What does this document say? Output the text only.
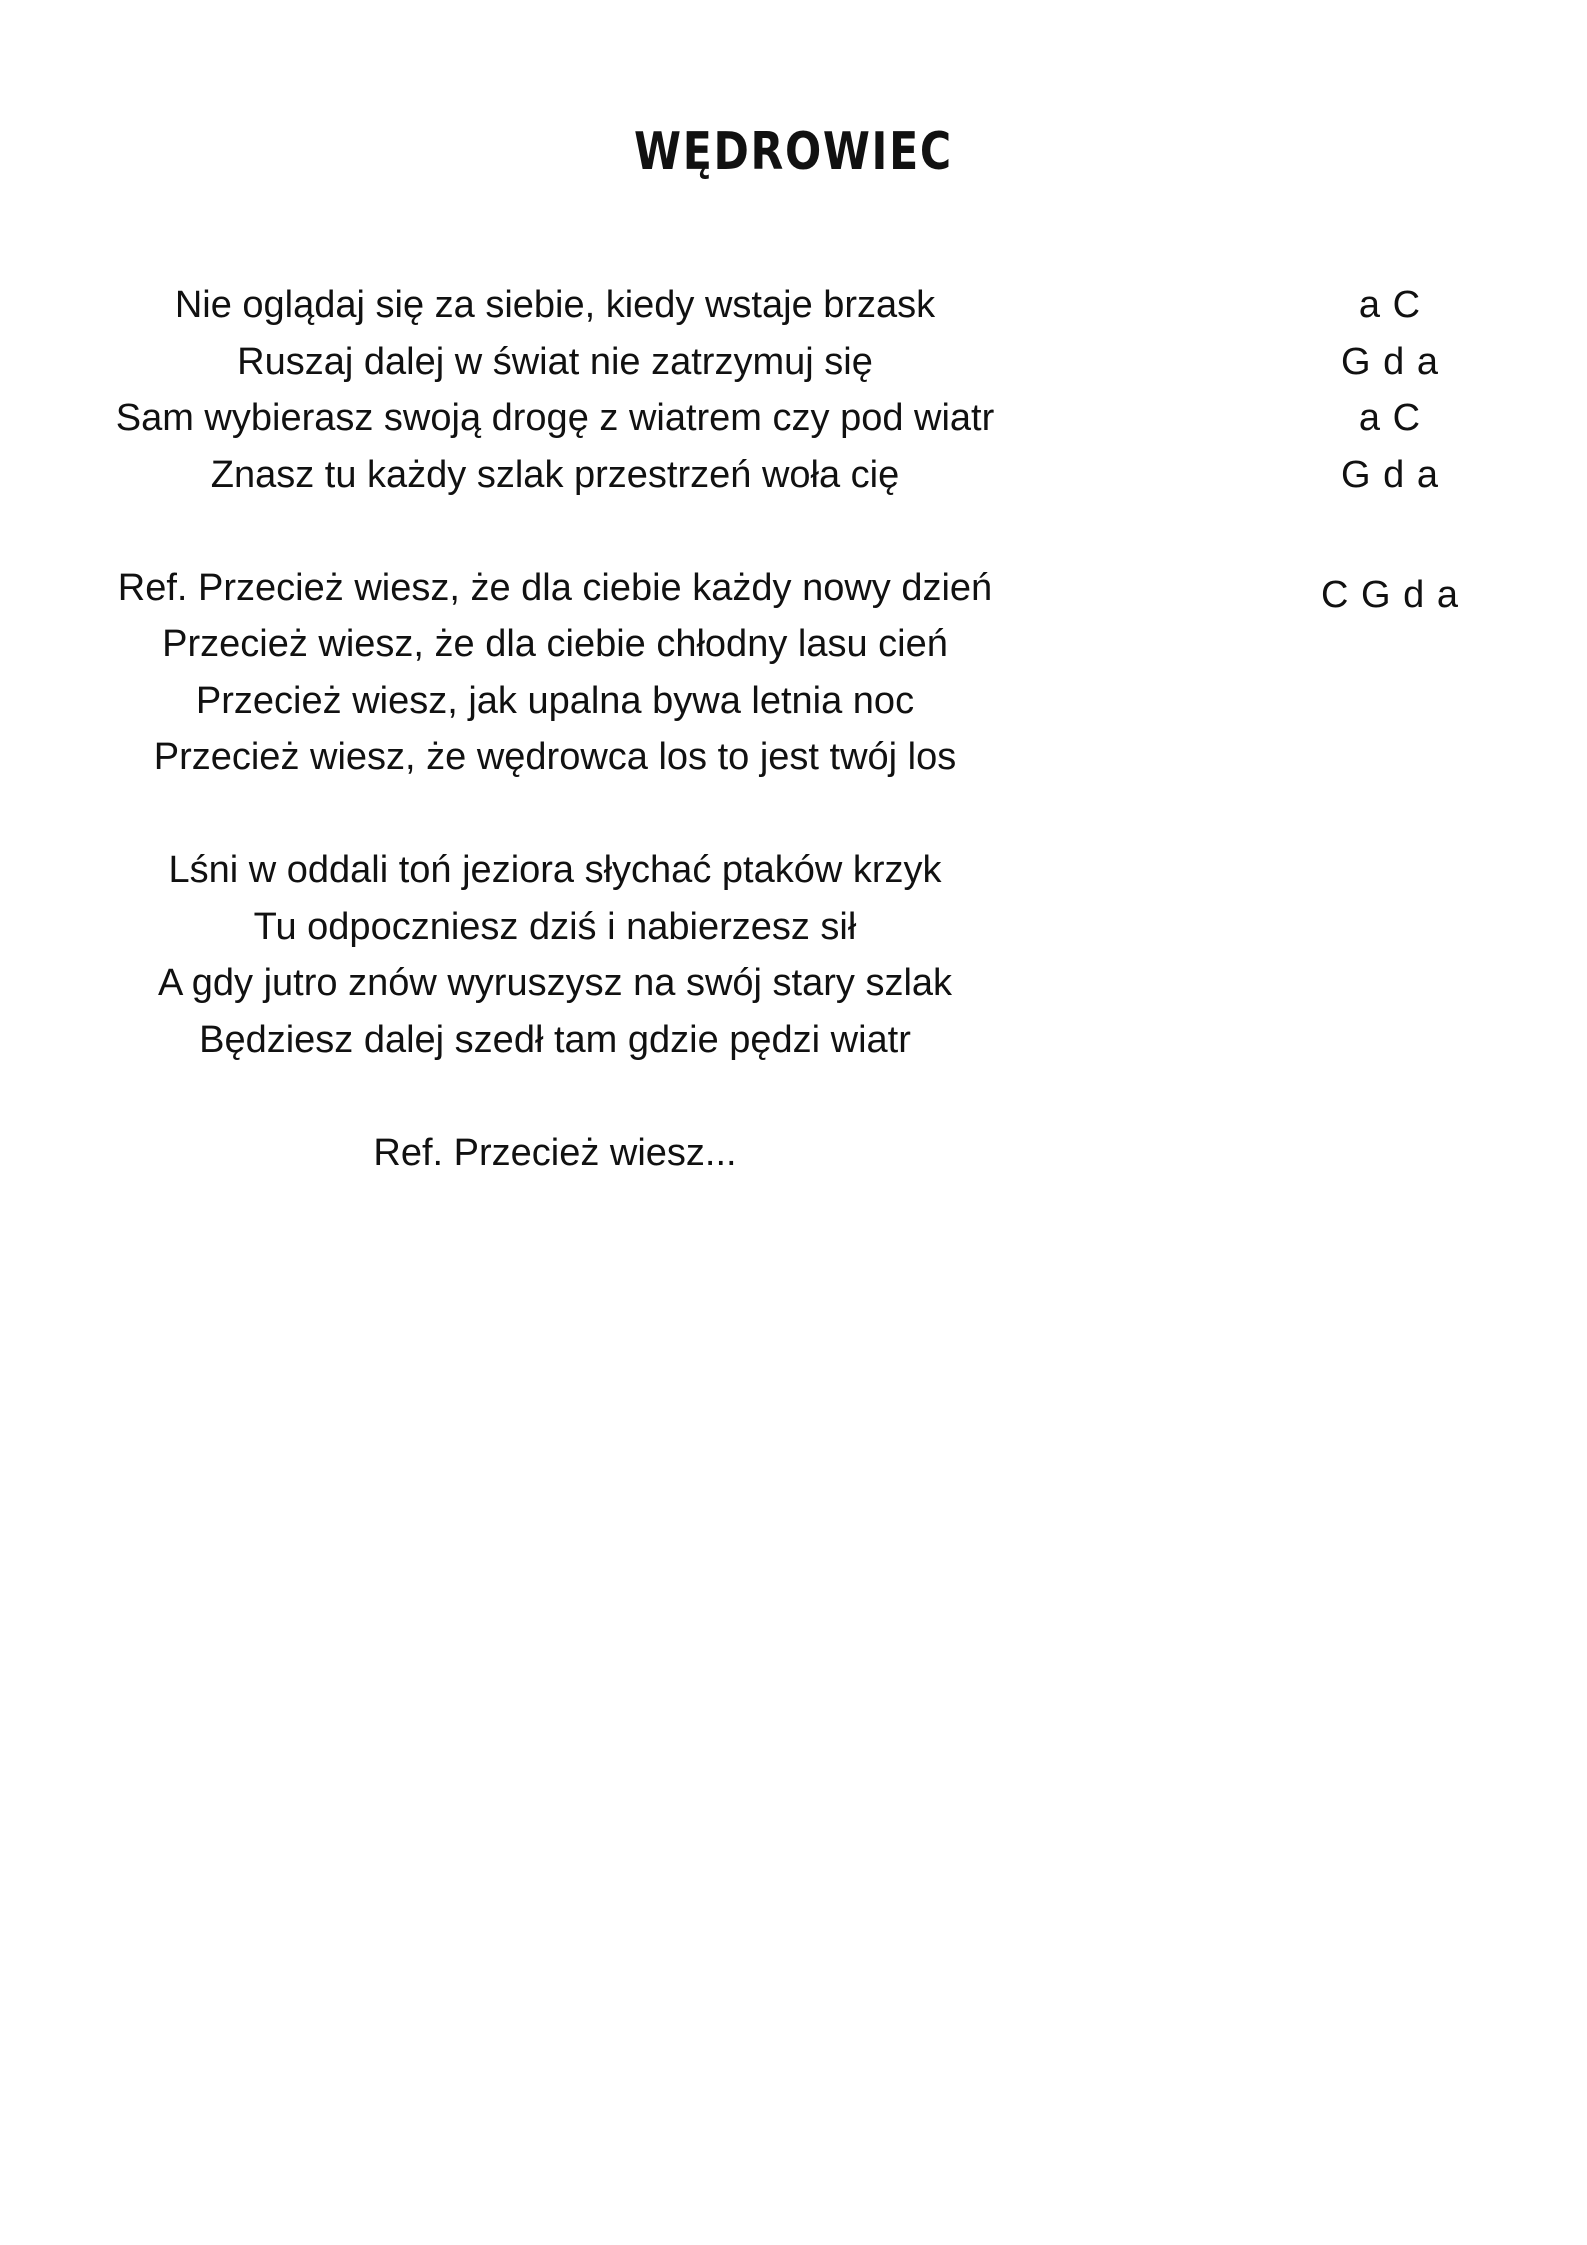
WĘDROWIEC
Nie oglądaj się za siebie, kiedy wstaje brzask
Ruszaj dalej w świat nie zatrzymuj się
Sam wybierasz swoją drogę z wiatrem czy pod wiatr
Znasz tu każdy szlak przestrzeń woła cię
Ref. Przecież wiesz, że dla ciebie każdy nowy dzień
Przecież wiesz, że dla ciebie chłodny lasu cień
Przecież wiesz, jak upalna bywa letnia noc
Przecież wiesz, że wędrowca los to jest twój los
Lśni w oddali toń jeziora słychać ptaków krzyk
Tu odpoczniesz dziś i nabierzesz sił
A gdy jutro znów wyruszysz na swój stary szlak
Będziesz dalej szedł tam gdzie pędzi wiatr
Ref. Przecież wiesz...
a C
G d a
a C
G d a
C G d a
